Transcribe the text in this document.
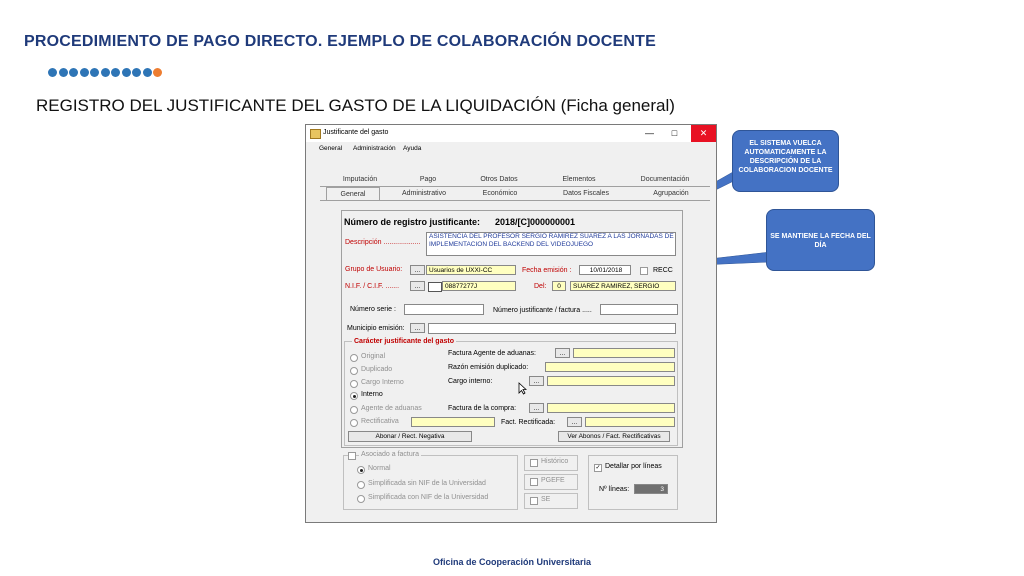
PROCEDIMIENTO DE PAGO DIRECTO. EJEMPLO DE COLABORACIÓN DOCENTE
REGISTRO DEL JUSTIFICANTE DEL GASTO DE LA LIQUIDACIÓN (Ficha general)
EL SISTEMA VUELCA AUTOMATICAMENTE LA DESCRIPCIÓN DE LA COLABORACION DOCENTE
SE MANTIENE LA FECHA DEL DÍA
Justificante del gasto	—	□	✕
General Administración Ayuda
Imputación	Pago	Otros Datos	Elementos	Documentación
General	Administrativo	Económico	Datos Fiscales	Agrupación
Número de registro justificante: 2018/[C]000000001
Descripción ...................
ASISTENCIA DEL PROFESOR SERGIO RAMIREZ SUAREZ A LAS JORNADAS DE IMPLEMENTACION DEL BACKEND DEL VIDEOJUEGO
Grupo de Usuario:	...	Usuarios de UXXI-CC	Fecha emisión :	10/01/2018	RECC
N.I.F. / C.I.F. .......	...	08877277J	Del:	0	SUAREZ RAMIREZ, SERGIO
Número serie :	Número justificante / factura .....
Municipio emisión:	...
Carácter justificante del gasto
Original
Duplicado
Cargo Interno
Interno
Agente de aduanas
Rectificativa
Factura Agente de aduanas:	...
Razón emisión duplicado:
Cargo interno:	...
Factura de la compra:	...
Fact. Rectificada:	...
Abonar / Rect. Negativa	Ver Abonos / Fact. Rectificativas
Asociado a factura
Normal
Simplificada sin NIF de la Universidad
Simplificada con NIF de la Universidad
Histórico
PGEFE
SE
✓ Detallar por líneas
Nº líneas:	3
Oficina de Cooperación Universitaria
